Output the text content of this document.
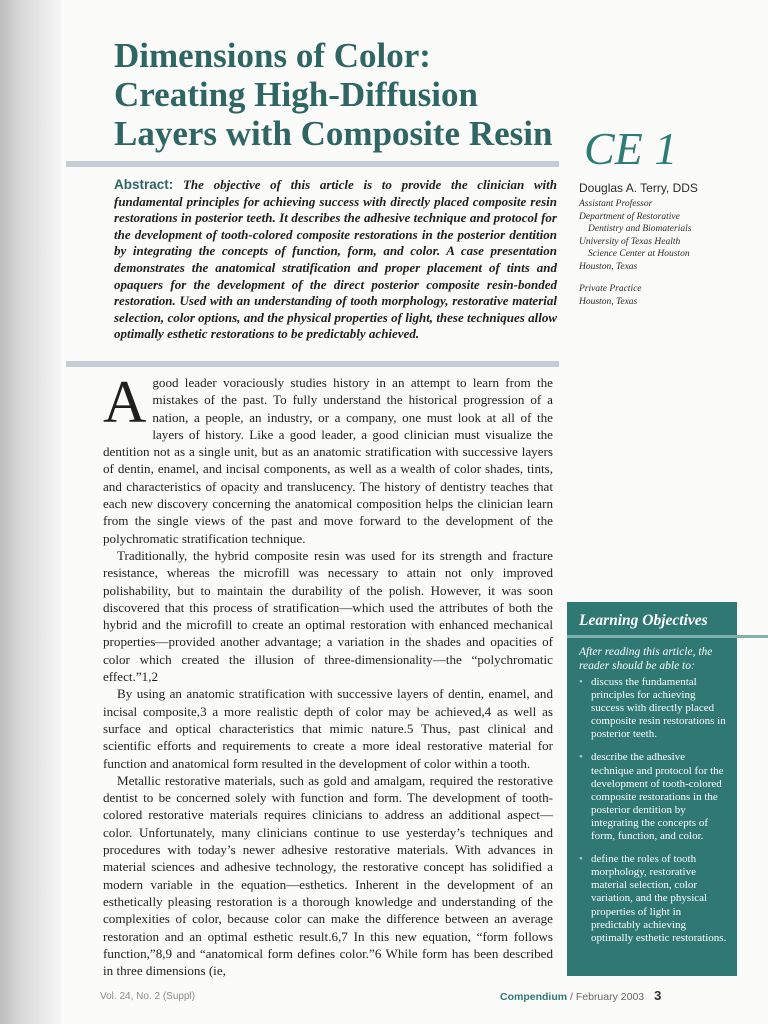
Dimensions of Color:
Creating High-Diffusion
Layers with Composite Resin CE 1

Abstract: The objective of this article is to provide the clinician with fundamental principles for achieving success with directly placed composite resin restorations in posterior teeth. It describes the adhesive technique and protocol for the development of tooth-colored composite restorations in the posterior dentition by integrating the concepts of function, form, and color. A case presentation demonstrates the anatomical stratification and proper placement of tints and opaquers for the development of the direct posterior composite resin-bonded restoration. Used with an understanding of tooth morphology, restorative material selection, color options, and the physical properties of light, these techniques allow optimally esthetic restorations to be predictably achieved.

Douglas A. Terry, DDS
Assistant Professor
Department of Restorative
Dentistry and Biomaterials
University of Texas Health
Science Center at Houston
Houston, Texas
Private Practice
Houston, Texas

Agood leader voraciously studies history in an attempt to learn from the mistakes of the past. To fully understand the historical progression of a nation, a people, an industry, or a company, one must look at all of the layers of history. Like a good leader, a good clinician must visualize the dentition not as a single unit, but as an anatomic stratification with successive layers of dentin, enamel, and incisal components, as well as a wealth of color shades, tints, and characteristics of opacity and translucency. The history of dentistry teaches that each new discovery concerning the anatomical composition helps the clinician learn from the single views of the past and move forward to the development of the polychromatic stratification technique.

Traditionally, the hybrid composite resin was used for its strength and fracture resistance, whereas the microfill was necessary to attain not only improved polishability, but to maintain the durability of the polish. However, it was soon discovered that this process of stratification—which used the attributes of both the hybrid and the microfill to create an optimal restoration with enhanced mechanical properties—provided another advantage; a variation in the shades and opacities of color which created the illusion of three-dimensionality—the “polychromatic effect.”1,2

By using an anatomic stratification with successive layers of dentin, enamel, and incisal composite,3 a more realistic depth of color may be achieved,4 as well as surface and optical characteristics that mimic nature.5 Thus, past clinical and scientific efforts and requirements to create a more ideal restorative material for function and anatomical form resulted in the development of color within a tooth.

Metallic restorative materials, such as gold and amalgam, required the restorative dentist to be concerned solely with function and form. The development of tooth-colored restorative materials requires clinicians to address an additional aspect—color. Unfortunately, many clinicians continue to use yesterday’s techniques and procedures with today’s newer adhesive restorative materials. With advances in material sciences and adhesive technology, the restorative concept has solidified a modern variable in the equation—esthetics. Inherent in the development of an esthetically pleasing restoration is a thorough knowledge and understanding of the complexities of color, because color can make the difference between an average restoration and an optimal esthetic result.6,7 In this new equation, “form follows function,”8,9 and “anatomical form defines color.”6 While form has been described in three dimensions (ie,

Learning Objectives
After reading this article, the reader should be able to:
• discuss the fundamental principles for achieving success with directly placed composite resin restorations in posterior teeth.
• describe the adhesive technique and protocol for the development of tooth-colored composite restorations in the posterior dentition by integrating the concepts of form, function, and color.
• define the roles of tooth morphology, restorative material selection, color variation, and the physical properties of light in predictably achieving optimally esthetic restorations.
Vol. 24, No. 2 (Suppl)	Compendium / February 2003 3
